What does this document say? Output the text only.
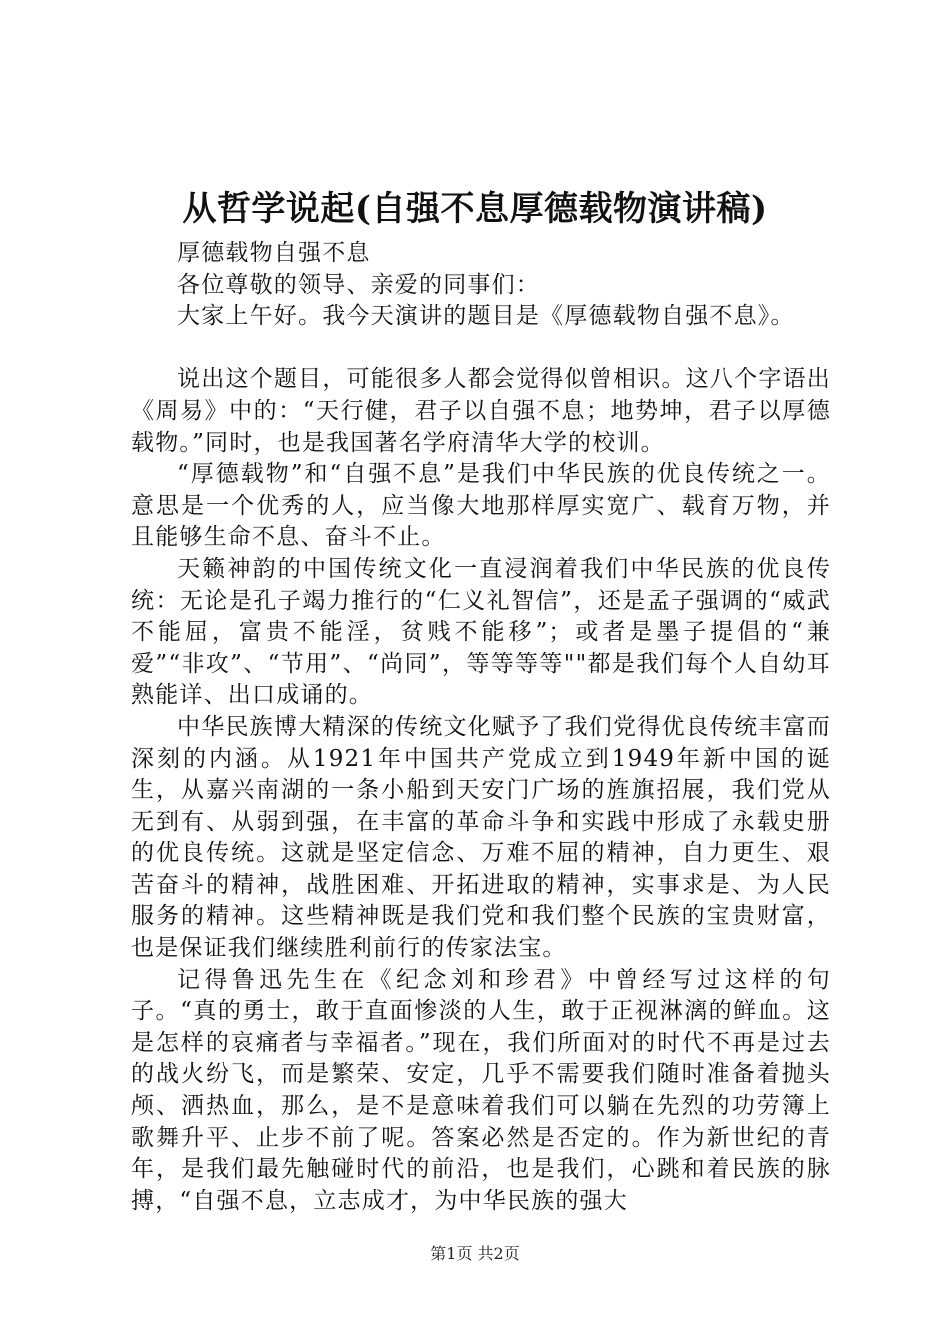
从哲学说起(自强不息厚德载物演讲稿)

厚德载物自强不息

各位尊敬的领导、亲爱的同事们：

大家上午好。我今天演讲的题目是《厚德载物自强不息》。

说出这个题目，可能很多人都会觉得似曾相识。这八个字语出《周易》中的：“天行健，君子以自强不息；地势坤，君子以厚德载物。”同时，也是我国著名学府清华大学的校训。

“厚德载物”和“自强不息”是我们中华民族的优良传统之一。意思是一个优秀的人，应当像大地那样厚实宽广、载育万物，并且能够生命不息、奋斗不止。

天籁神韵的中国传统文化一直浸润着我们中华民族的优良传统：无论是孔子竭力推行的“仁义礼智信”，还是孟子强调的“威武不能屈，富贵不能淫，贫贱不能移”；或者是墨子提倡的“兼爱”“非攻”、“节用”、“尚同”，等等等等""都是我们每个人自幼耳熟能详、出口成诵的。

中华民族博大精深的传统文化赋予了我们党得优良传统丰富而深刻的内涵。从1921年中国共产党成立到1949年新中国的诞生，从嘉兴南湖的一条小船到天安门广场的旌旗招展，我们党从无到有、从弱到强，在丰富的革命斗争和实践中形成了永载史册的优良传统。这就是坚定信念、万难不屈的精神，自力更生、艰苦奋斗的精神，战胜困难、开拓进取的精神，实事求是、为人民服务的精神。这些精神既是我们党和我们整个民族的宝贵财富，也是保证我们继续胜利前行的传家法宝。

记得鲁迅先生在《纪念刘和珍君》中曾经写过这样的句子。“真的勇士，敢于直面惨淡的人生，敢于正视淋漓的鲜血。这是怎样的哀痛者与幸福者。”现在，我们所面对的时代不再是过去的战火纷飞，而是繁荣、安定，几乎不需要我们随时准备着抛头颅、洒热血，那么，是不是意味着我们可以躺在先烈的功劳簿上歌舞升平、止步不前了呢。答案必然是否定的。作为新世纪的青年，是我们最先触碰时代的前沿，也是我们，心跳和着民族的脉搏，“自强不息，立志成才，为中华民族的强大

第1页 共2页
